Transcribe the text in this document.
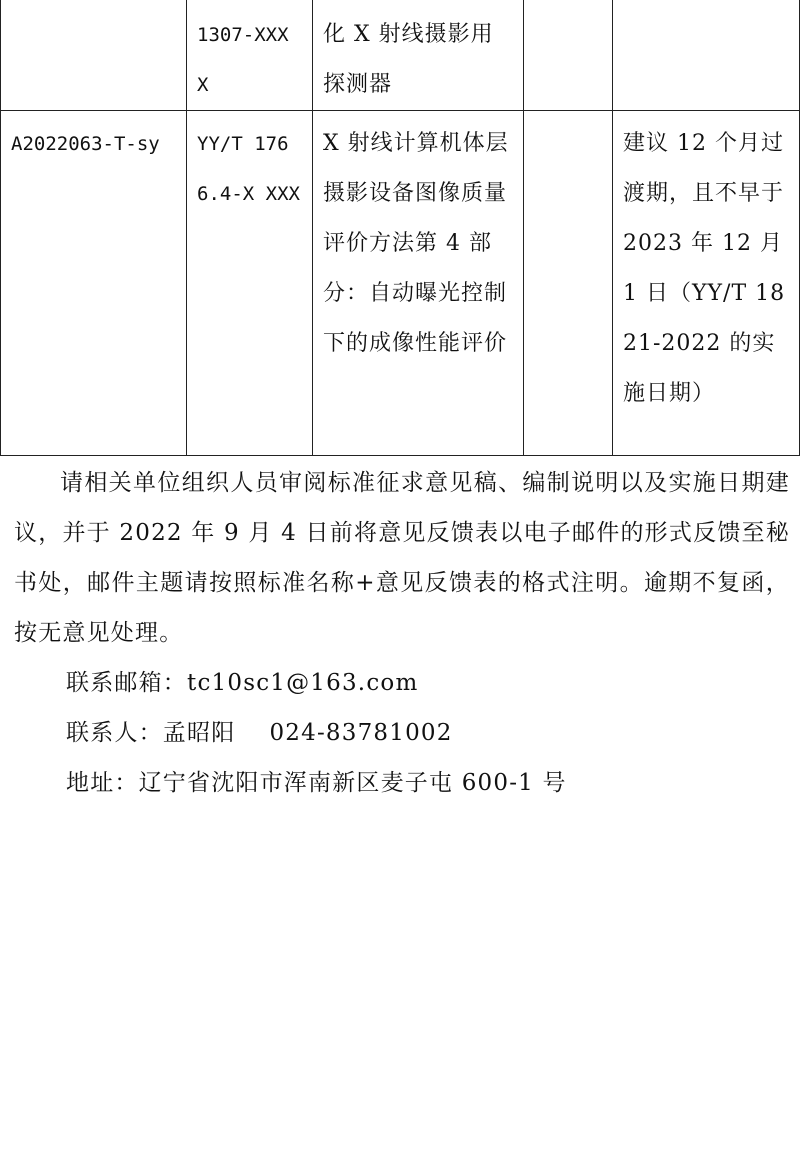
	1307-XXX X	化 X 射线摄影用探测器		
A2022063-T-sy	YY/T 1766.4-X XXX	X 射线计算机体层摄影设备图像质量评价方法第 4 部分：自动曝光控制下的成像性能评价		建议 12 个月过渡期，且不早于 2023 年 12 月 1 日（YY/T 1821-2022 的实施日期）

请相关单位组织人员审阅标准征求意见稿、编制说明以及实施日期建议，并于 2022 年 9 月 4 日前将意见反馈表以电子邮件的形式反馈至秘书处，邮件主题请按照标准名称+意见反馈表的格式注明。逾期不复函，按无意见处理。

联系邮箱：tc10sc1@163.com

联系人：孟昭阳    024-83781002

地址：辽宁省沈阳市浑南新区麦子屯 600-1 号
